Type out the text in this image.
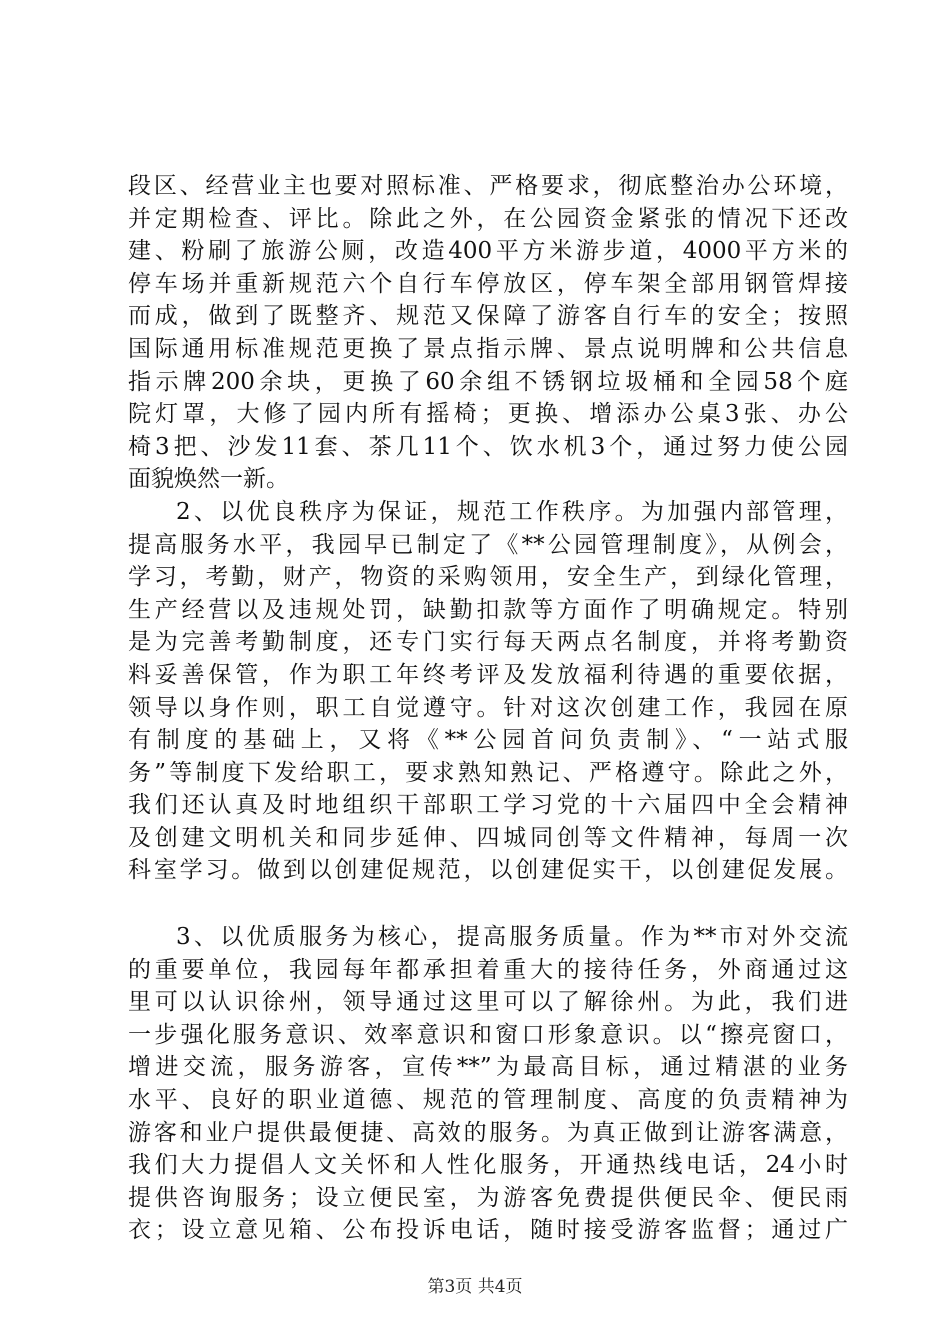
段区、经营业主也要对照标准、严格要求，彻底整治办公环境，
并定期检查、评比。除此之外，在公园资金紧张的情况下还改
建、粉刷了旅游公厕，改造400平方米游步道，4000平方米的
停车场并重新规范六个自行车停放区，停车架全部用钢管焊接
而成，做到了既整齐、规范又保障了游客自行车的安全；按照
国际通用标准规范更换了景点指示牌、景点说明牌和公共信息
指示牌200余块，更换了60余组不锈钢垃圾桶和全园58个庭
院灯罩，大修了园内所有摇椅；更换、增添办公桌3张、办公
椅3把、沙发11套、茶几11个、饮水机3个，通过努力使公园
面貌焕然一新。
2、以优良秩序为保证，规范工作秩序。为加强内部管理，
提高服务水平，我园早已制定了《**公园管理制度》，从例会，
学习，考勤，财产，物资的采购领用，安全生产，到绿化管理，
生产经营以及违规处罚，缺勤扣款等方面作了明确规定。特别
是为完善考勤制度，还专门实行每天两点名制度，并将考勤资
料妥善保管，作为职工年终考评及发放福利待遇的重要依据，
领导以身作则，职工自觉遵守。针对这次创建工作，我园在原
有制度的基础上，又将《**公园首问负责制》、“一站式服
务”等制度下发给职工，要求熟知熟记、严格遵守。除此之外，
我们还认真及时地组织干部职工学习党的十六届四中全会精神
及创建文明机关和同步延伸、四城同创等文件精神，每周一次
科室学习。做到以创建促规范，以创建促实干，以创建促发展。
3、以优质服务为核心，提高服务质量。作为**市对外交流
的重要单位，我园每年都承担着重大的接待任务，外商通过这
里可以认识徐州，领导通过这里可以了解徐州。为此，我们进
一步强化服务意识、效率意识和窗口形象意识。以“擦亮窗口，
增进交流，服务游客，宣传**”为最高目标，通过精湛的业务
水平、良好的职业道德、规范的管理制度、高度的负责精神为
游客和业户提供最便捷、高效的服务。为真正做到让游客满意，
我们大力提倡人文关怀和人性化服务，开通热线电话，24小时
提供咨询服务；设立便民室，为游客免费提供便民伞、便民雨
衣；设立意见箱、公布投诉电话，随时接受游客监督；通过广
第3页 共4页
